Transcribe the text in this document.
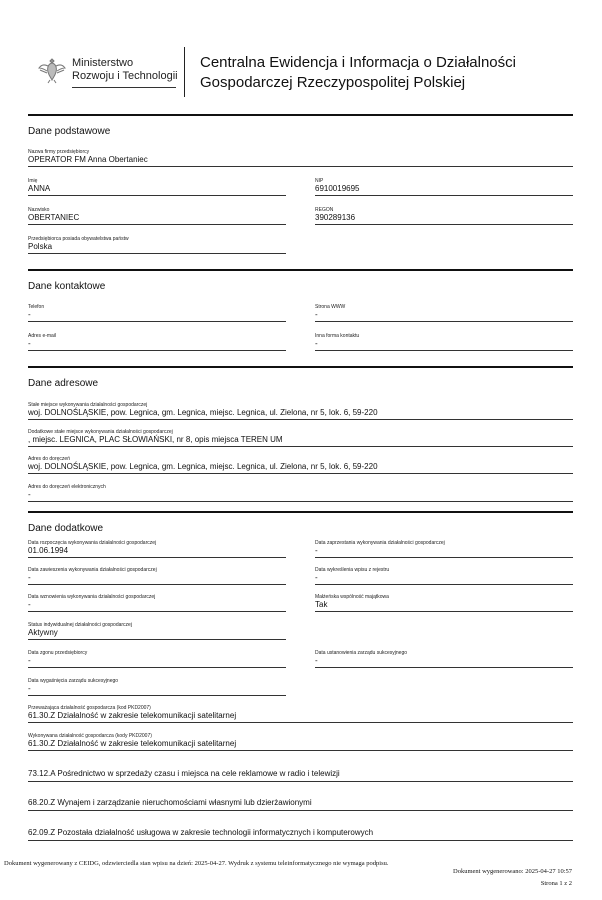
Ministerstwo
Rozwoju i Technologii
Centralna Ewidencja i Informacja o Działalności
Gospodarczej Rzeczypospolitej Polskiej
Dane podstawowe
Nazwa firmy przedsiębiorcy
OPERATOR FM Anna Obertaniec
Imię
ANNA
NIP
6910019695
Nazwisko
OBERTANIEC
REGON
390289136
Przedsiębiorca posiada obywatelstwa państw
Polska
Dane kontaktowe
Telefon
-
Strona WWW
-
Adres e-mail
-
Inna forma kontaktu
-
Dane adresowe
Stałe miejsce wykonywania działalności gospodarczej
woj. DOLNOŚLĄSKIE, pow. Legnica, gm. Legnica, miejsc. Legnica, ul. Zielona, nr 5, lok. 6, 59-220
Dodatkowe stałe miejsce wykonywania działalności gospodarczej
, miejsc. LEGNICA, PLAC SŁOWIAŃSKI, nr 8, opis miejsca TEREN UM
Adres do doręczeń
woj. DOLNOŚLĄSKIE, pow. Legnica, gm. Legnica, miejsc. Legnica, ul. Zielona, nr 5, lok. 6, 59-220
Adres do doręczeń elektronicznych
-
Dane dodatkowe
Data rozpoczęcia wykonywania działalności gospodarczej
01.06.1994
Data zaprzestania wykonywania działalności gospodarczej
-
Data zawieszenia wykonywania działalności gospodarczej
-
Data wykreślenia wpisu z rejestru
-
Data wznowienia wykonywania działalności gospodarczej
-
Małżeńska wspólność majątkowa
Tak
Status indywidualnej działalności gospodarczej
Aktywny
Data zgonu przedsiębiorcy
-
Data ustanowienia zarządu sukcesyjnego
-
Data wygaśnięcia zarządu sukcesyjnego
-
Przeważająca działalność gospodarcza (kod PKD2007)
61.30.Z Działalność w zakresie telekomunikacji satelitarnej
Wykonywana działalność gospodarcza (kody PKD2007)
61.30.Z Działalność w zakresie telekomunikacji satelitarnej
73.12.A Pośrednictwo w sprzedaży czasu i miejsca na cele reklamowe w radio i telewizji
68.20.Z Wynajem i zarządzanie nieruchomościami własnymi lub dzierżawionymi
62.09.Z Pozostała działalność usługowa w zakresie technologii informatycznych i komputerowych
Dokument wygenerowany z CEIDG, odzwierciedla stan wpisu na dzień: 2025-04-27. Wydruk z systemu teleinformatycznego nie wymaga podpisu.
Dokument wygenerowano: 2025-04-27 10:57
Strona 1 z 2
